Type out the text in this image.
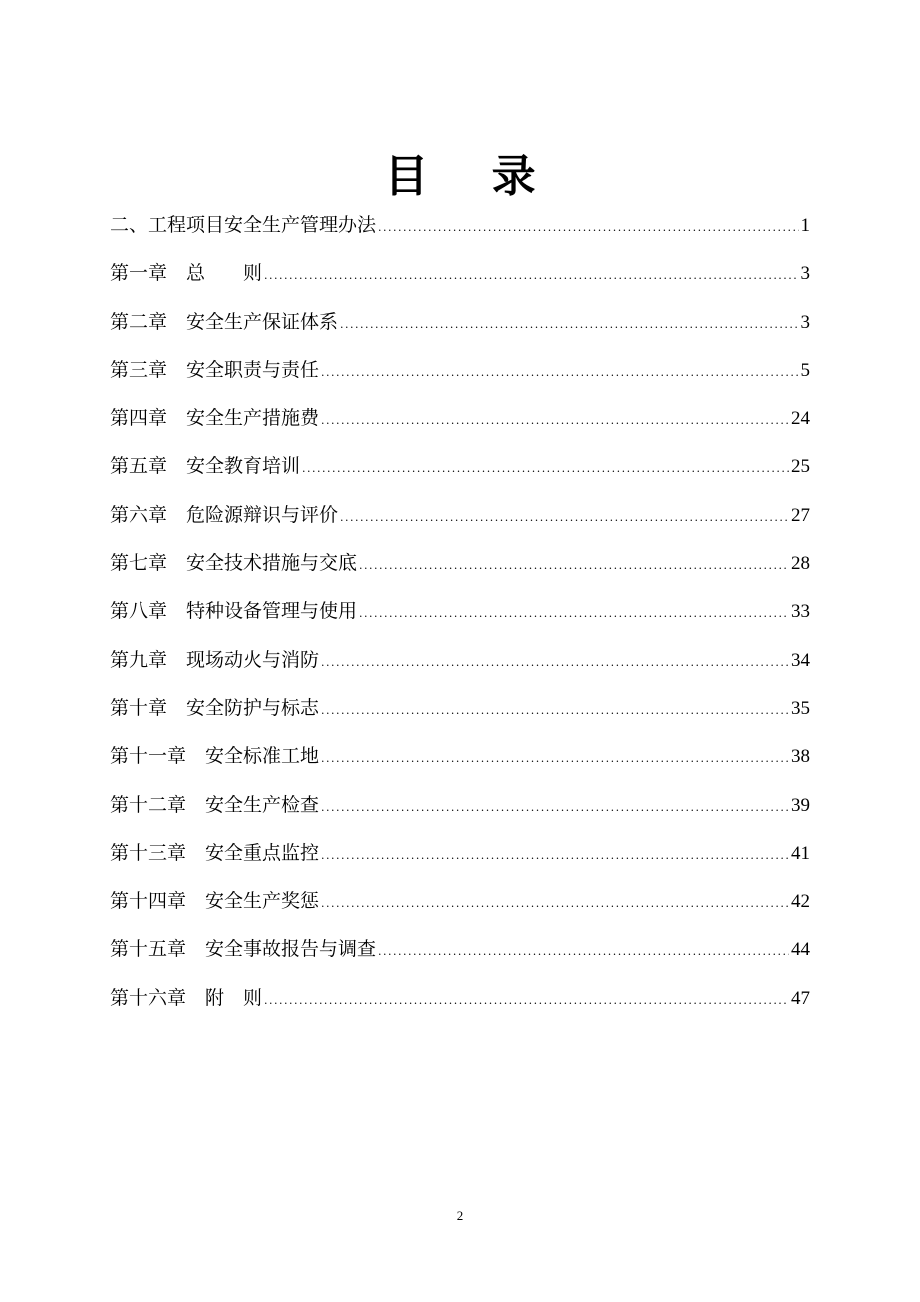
目 录
二、工程项目安全生产管理办法 . . .	1
第一章　总　　则 . . .	3
第二章　安全生产保证体系 . . .	3
第三章　安全职责与责任 . . .	5
第四章　安全生产措施费 . . .	24
第五章　安全教育培训 . . .	25
第六章　危险源辩识与评价 . . .	27
第七章　安全技术措施与交底 . . .	28
第八章　特种设备管理与使用 . . .	33
第九章　现场动火与消防 . . .	34
第十章　安全防护与标志 . . .	35
第十一章　安全标准工地 . . .	38
第十二章　安全生产检查 . . .	39
第十三章　安全重点监控 . . .	41
第十四章　安全生产奖惩 . . .	42
第十五章　安全事故报告与调查 . . .	44
第十六章　附　则 . . .	47
2
